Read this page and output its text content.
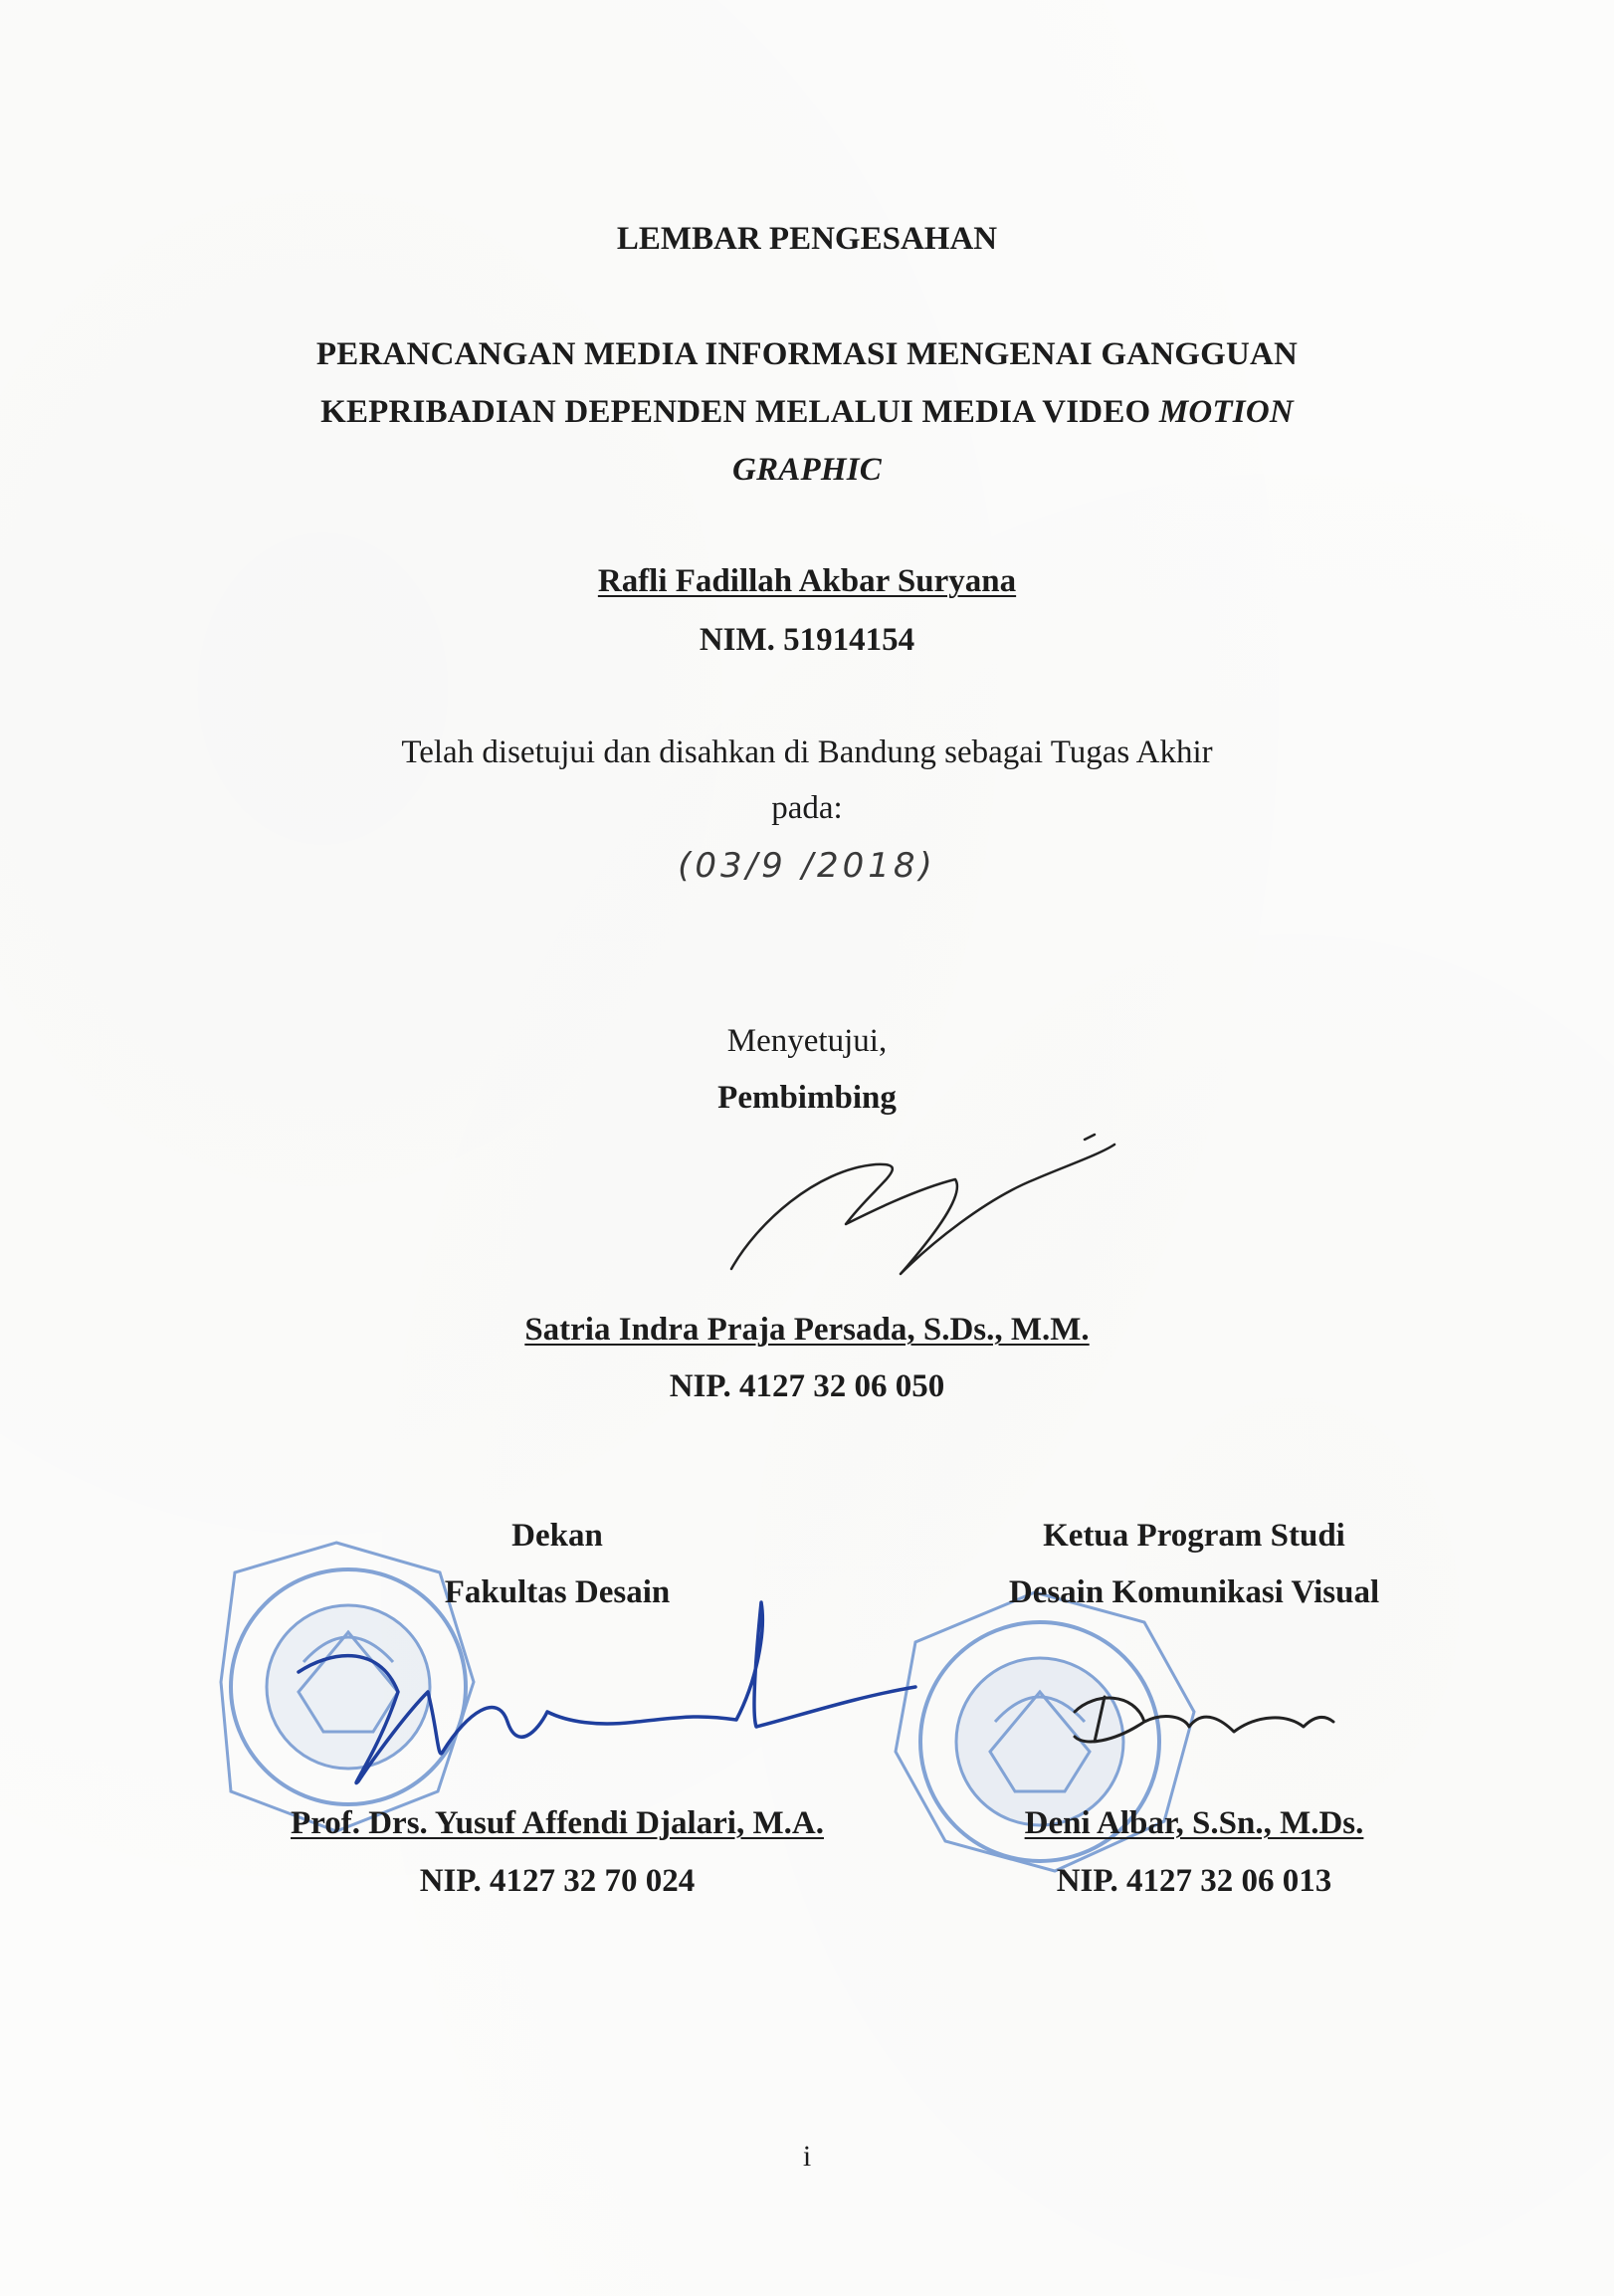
LEMBAR PENGESAHAN
PERANCANGAN MEDIA INFORMASI MENGENAI GANGGUAN
KEPRIBADIAN DEPENDEN MELALUI MEDIA VIDEO MOTION
GRAPHIC
Rafli Fadillah Akbar Suryana
NIM. 51914154
Telah disetujui dan disahkan di Bandung sebagai Tugas Akhir
pada:
(03/9 /2018)
Menyetujui,
Pembimbing
Satria Indra Praja Persada, S.Ds., M.M.
NIP. 4127 32 06 050
Dekan
Fakultas Desain
Prof. Drs. Yusuf Affendi Djalari, M.A.
NIP. 4127 32 70 024
Ketua Program Studi
Desain Komunikasi Visual
Deni Albar, S.Sn., M.Ds.
NIP. 4127 32 06 013
i
